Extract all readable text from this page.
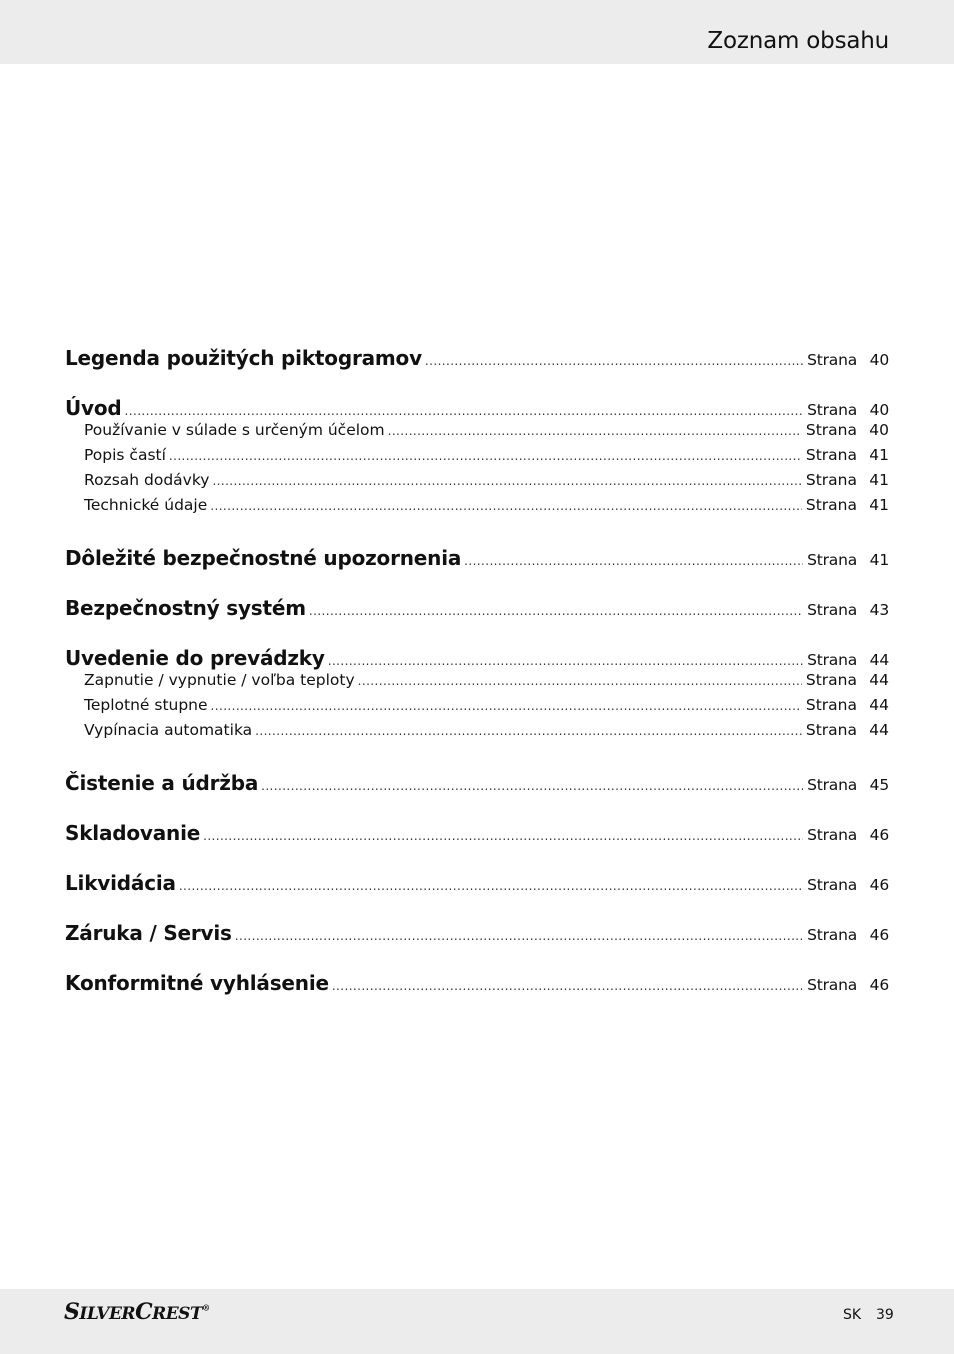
Zoznam obsahu
Legenda použitých piktogramov .....	Strana 40
Úvod .....	Strana 40
Používanie v súlade s určeným účelom .....	Strana 40
Popis častí .....	Strana 41
Rozsah dodávky .....	Strana 41
Technické údaje .....	Strana 41
Dôležité bezpečnostné upozornenia .....	Strana 41
Bezpečnostný systém .....	Strana 43
Uvedenie do prevádzky .....	Strana 44
Zapnutie / vypnutie / voľba teploty .....	Strana 44
Teplotné stupne .....	Strana 44
Vypínacia automatika .....	Strana 44
Čistenie a údržba .....	Strana 45
Skladovanie .....	Strana 46
Likvidácia .....	Strana 46
Záruka / Servis .....	Strana 46
Konformitné vyhlásenie .....	Strana 46
SILVERCREST®	SK 39
